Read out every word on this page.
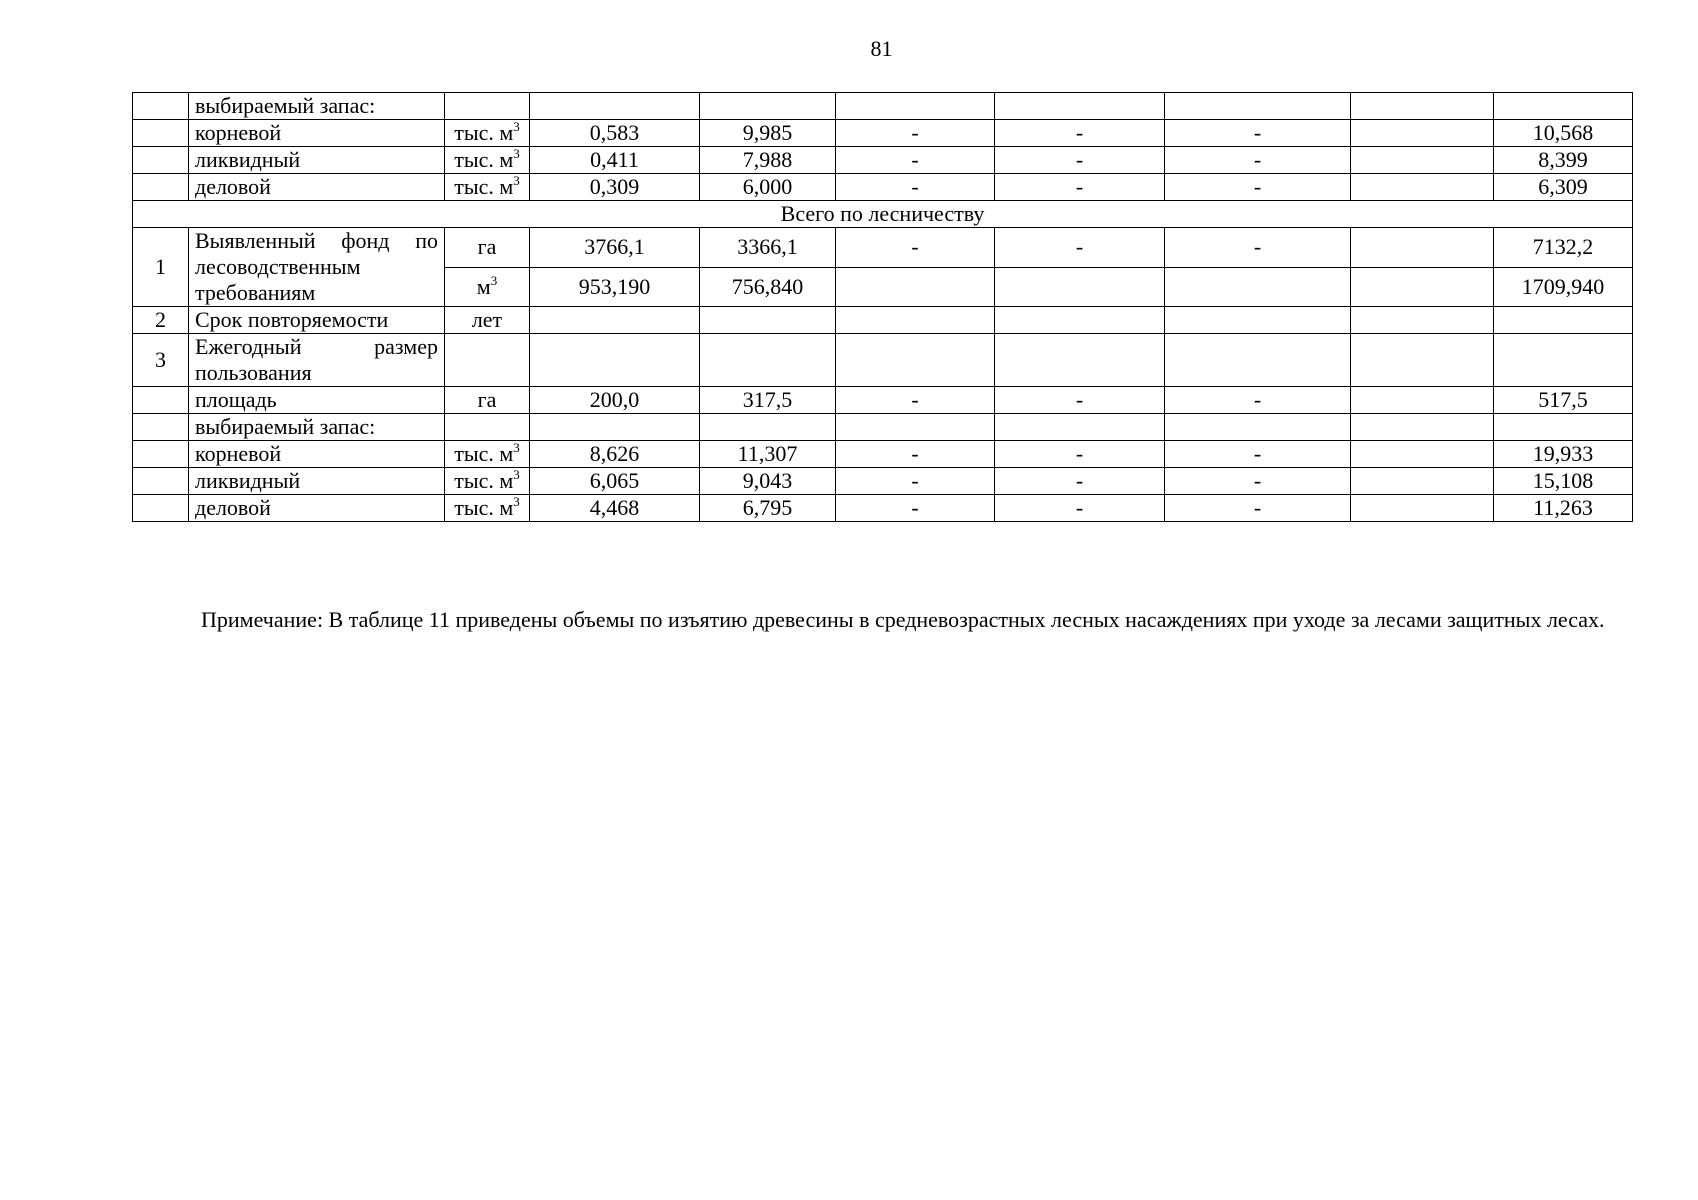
81
	выбираемый запас:								
	корневой	тыс. $м^3$	0,583	9,985	-	-	-		10,568
	ликвидный	тыс. $м^3$	0,411	7,988	-	-	-		8,399
	деловой	тыс. $м^3$	0,309	6,000	-	-	-		6,309
Всего по лесничеству									
1	Выявленный фонд по лесоводственным требованиям	га	3766,1	3366,1	-	-	-		7132,2
		$м^3$	953,190	756,840					1709,940
2	Срок повторяемости	лет							
3	Ежегодный размер пользования								
	площадь	га	200,0	317,5	-	-	-		517,5
	выбираемый запас:								
	корневой	тыс. $м^3$	8,626	11,307	-	-	-		19,933
	ликвидный	тыс. $м^3$	6,065	9,043	-	-	-		15,108
	деловой	тыс. $м^3$	4,468	6,795	-	-	-		11,263

Примечание: В таблице 11 приведены объемы по изъятию древесины в средневозрастных лесных насаждениях при уходе за лесами защитных лесах.
